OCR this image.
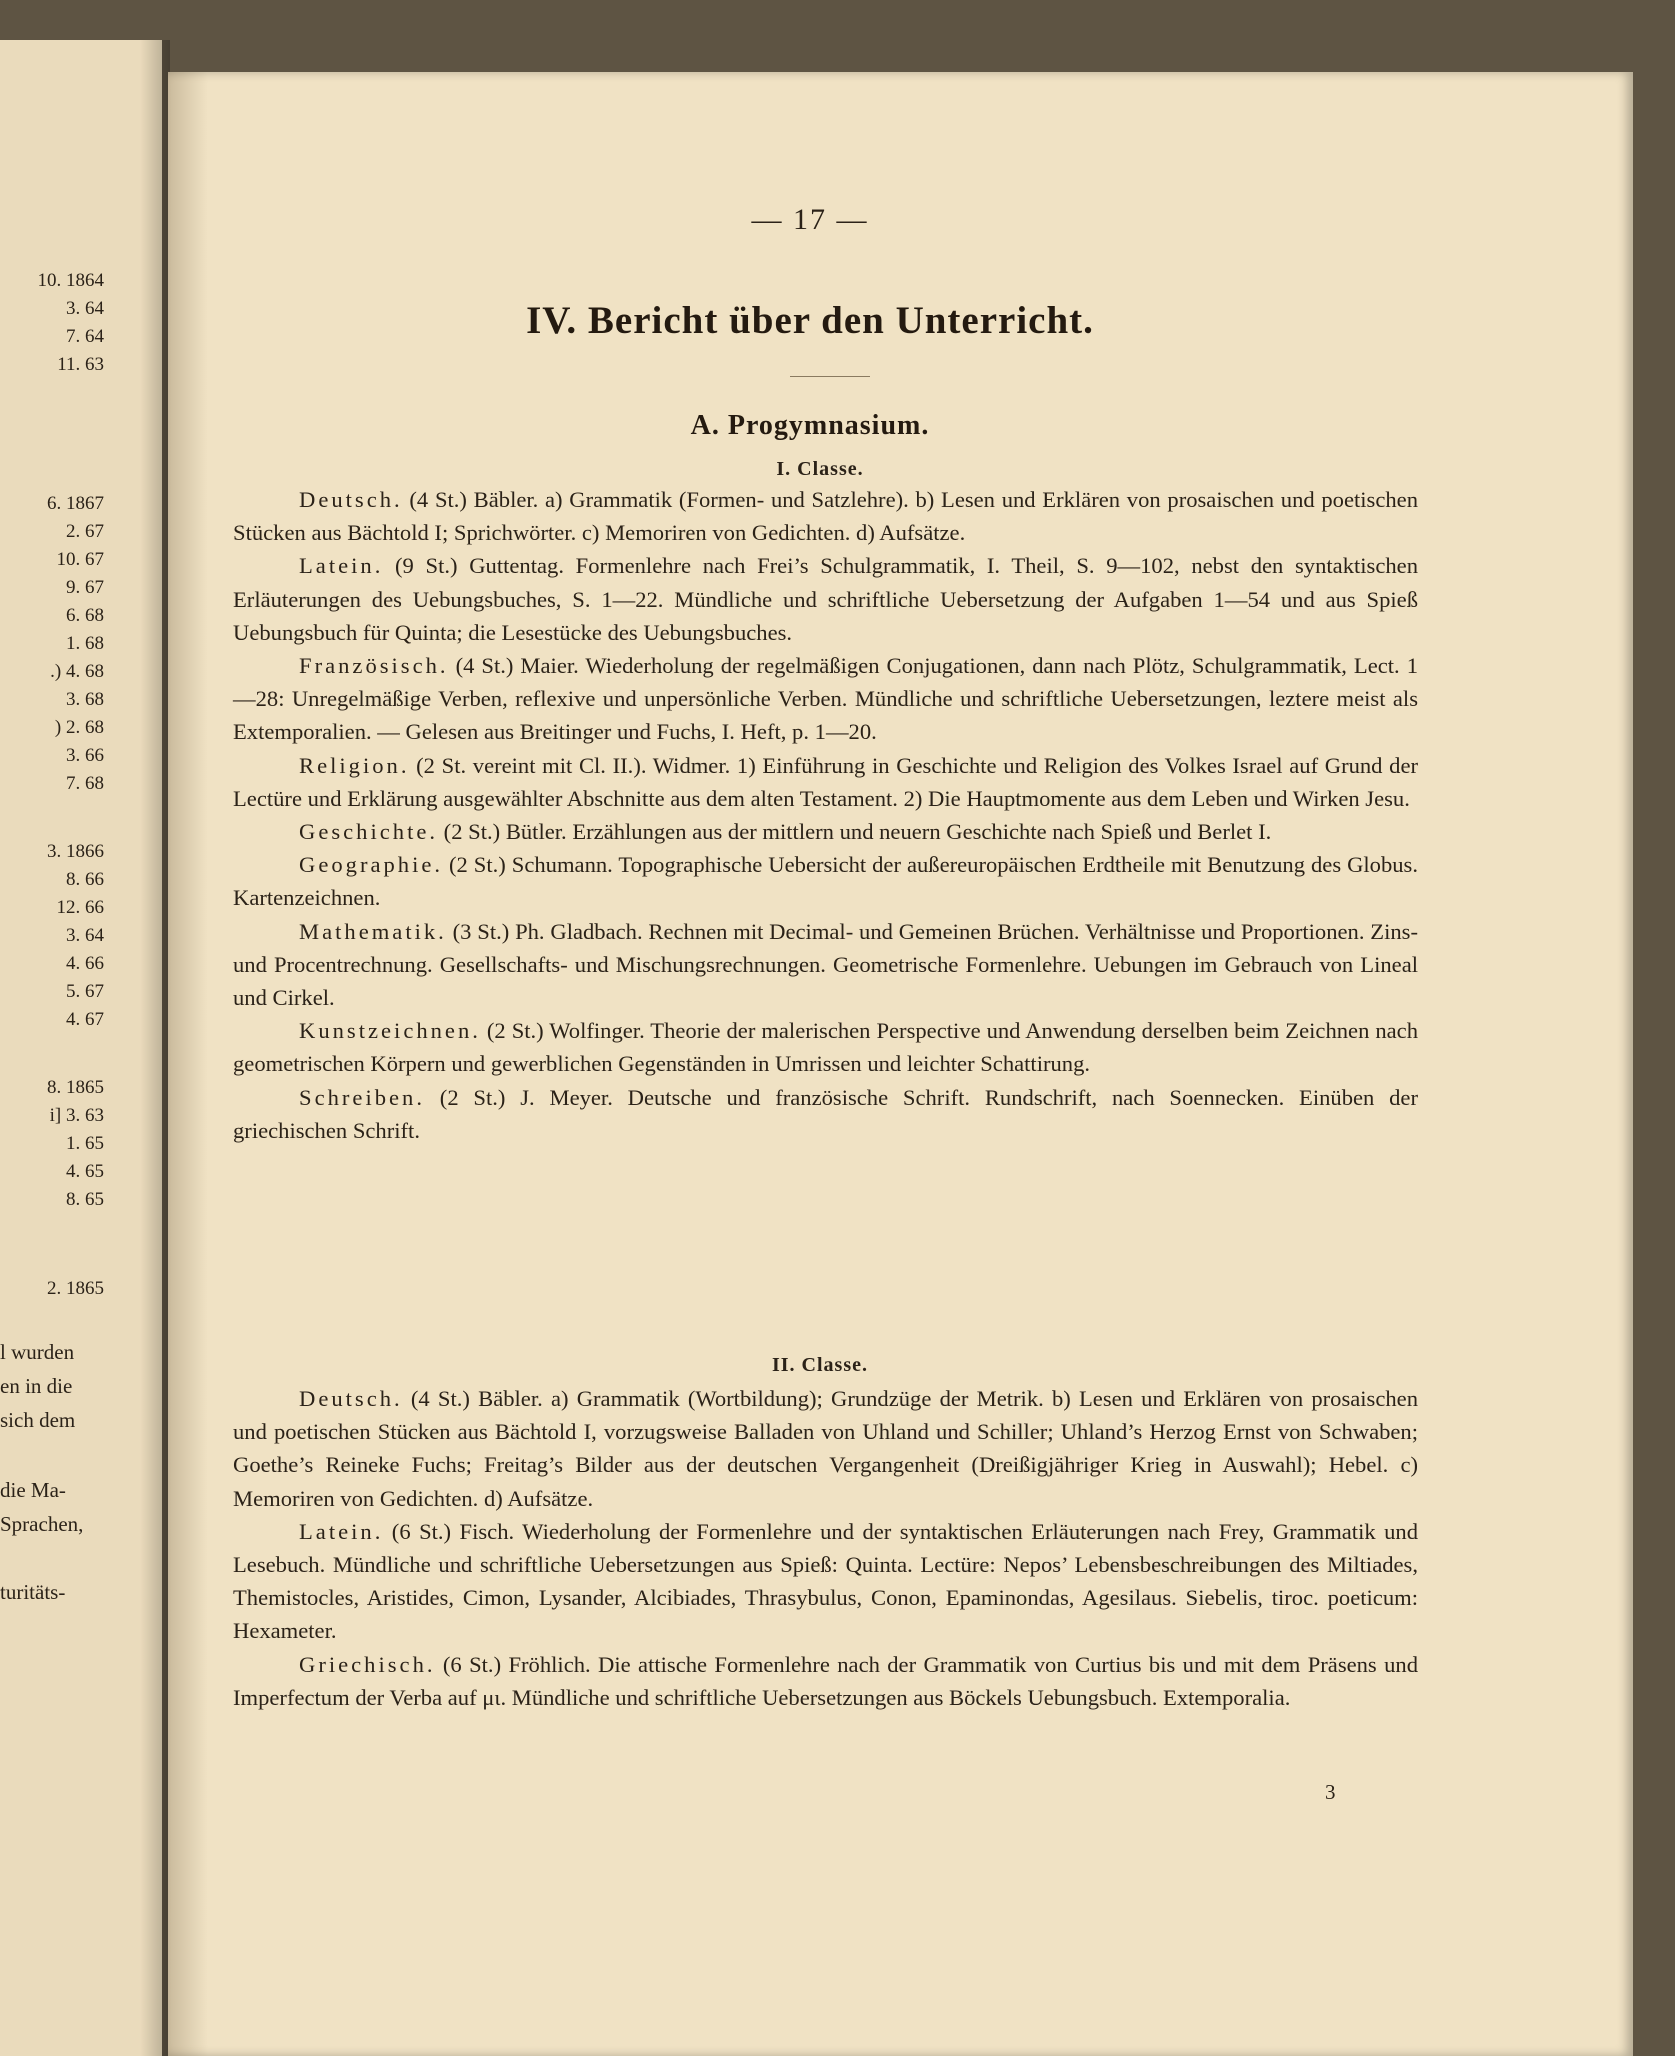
10. 1864
3. 64
7. 64
11. 63
6. 1867
2. 67
10. 67
9. 67
6. 68
1. 68
.) 4. 68
3. 68
) 2. 68
3. 66
7. 68
3. 1866
8. 66
12. 66
3. 64
4. 66
5. 67
4. 67
8. 1865
i] 3. 63
1. 65
4. 65
8. 65
2. 1865
l wurden
en in die
sich dem
die Ma-
Sprachen,
turitäts-
— 17 —
IV. Bericht über den Unterricht.
A. Progymnasium.
I. Classe.

Deutsch. (4 St.) Bäbler. a) Grammatik (Formen- und Satzlehre). b) Lesen und Erklären von prosaischen und poetischen Stücken aus Bächtold I; Sprichwörter. c) Memoriren von Gedichten. d) Aufsätze.

Latein. (9 St.) Guttentag. Formenlehre nach Frei’s Schulgrammatik, I. Theil, S. 9—102, nebst den syntaktischen Erläuterungen des Uebungsbuches, S. 1—22. Mündliche und schriftliche Uebersetzung der Aufgaben 1—54 und aus Spieß Uebungsbuch für Quinta; die Lesestücke des Uebungsbuches.

Französisch. (4 St.) Maier. Wiederholung der regelmäßigen Conjugationen, dann nach Plötz, Schulgrammatik, Lect. 1—28: Unregelmäßige Verben, reflexive und unpersönliche Verben. Mündliche und schriftliche Uebersetzungen, leztere meist als Extemporalien. — Gelesen aus Breitinger und Fuchs, I. Heft, p. 1—20.

Religion. (2 St. vereint mit Cl. II.). Widmer. 1) Einführung in Geschichte und Religion des Volkes Israel auf Grund der Lectüre und Erklärung ausgewählter Abschnitte aus dem alten Testament. 2) Die Hauptmomente aus dem Leben und Wirken Jesu.

Geschichte. (2 St.) Bütler. Erzählungen aus der mittlern und neuern Geschichte nach Spieß und Berlet I.

Geographie. (2 St.) Schumann. Topographische Uebersicht der außereuropäischen Erdtheile mit Benutzung des Globus. Kartenzeichnen.

Mathematik. (3 St.) Ph. Gladbach. Rechnen mit Decimal- und Gemeinen Brüchen. Verhältnisse und Proportionen. Zins- und Procentrechnung. Gesellschafts- und Mischungsrechnungen. Geometrische Formenlehre. Uebungen im Gebrauch von Lineal und Cirkel.

Kunstzeichnen. (2 St.) Wolfinger. Theorie der malerischen Perspective und Anwendung derselben beim Zeichnen nach geometrischen Körpern und gewerblichen Gegenständen in Umrissen und leichter Schattirung.

Schreiben. (2 St.) J. Meyer. Deutsche und französische Schrift. Rundschrift, nach Soennecken. Einüben der griechischen Schrift.

II. Classe.

Deutsch. (4 St.) Bäbler. a) Grammatik (Wortbildung); Grundzüge der Metrik. b) Lesen und Erklären von prosaischen und poetischen Stücken aus Bächtold I, vorzugsweise Balladen von Uhland und Schiller; Uhland’s Herzog Ernst von Schwaben; Goethe’s Reineke Fuchs; Freitag’s Bilder aus der deutschen Vergangenheit (Dreißigjähriger Krieg in Auswahl); Hebel. c) Memoriren von Gedichten. d) Aufsätze.

Latein. (6 St.) Fisch. Wiederholung der Formenlehre und der syntaktischen Erläuterungen nach Frey, Grammatik und Lesebuch. Mündliche und schriftliche Uebersetzungen aus Spieß: Quinta. Lectüre: Nepos’ Lebensbeschreibungen des Miltiades, Themistocles, Aristides, Cimon, Lysander, Alcibiades, Thrasybulus, Conon, Epaminondas, Agesilaus. Siebelis, tiroc. poeticum: Hexameter.

Griechisch. (6 St.) Fröhlich. Die attische Formenlehre nach der Grammatik von Curtius bis und mit dem Präsens und Imperfectum der Verba auf μι. Mündliche und schriftliche Uebersetzungen aus Böckels Uebungsbuch. Extemporalia.

3
